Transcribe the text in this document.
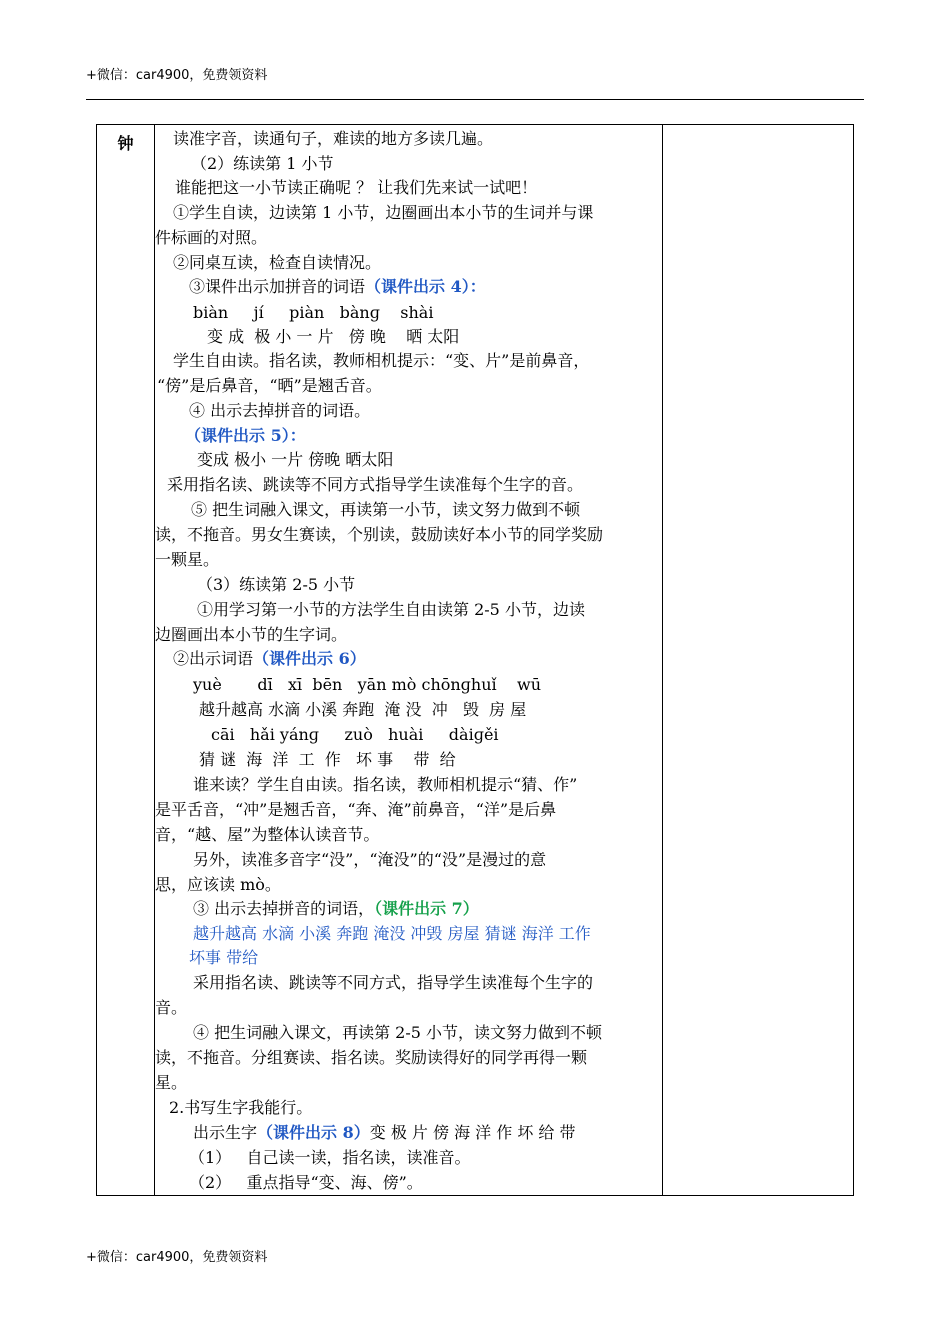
+微信：car4900，免费领资料
钟	读准字音，读通句子，难读的地方多读几遍。
（2）练读第 1 小节
谁能把这一小节读正确呢 ？ 让我们先来试一试吧！
①学生自读，边读第 1 小节，边圈画出本小节的生词并与课
件标画的对照。
②同桌互读，检查自读情况。
③课件出示加拼音的词语（课件出示 4）：
biàn     jí     piàn   bànɡ    shài
变 成  极 小 一 片   傍 晚    晒 太阳
学生自由读。指名读，教师相机提示：“变、片”是前鼻音，
“傍”是后鼻音，“晒”是翘舌音。
④ 出示去掉拼音的词语。
（课件出示 5）：
变成 极小 一片 傍晚 晒太阳
采用指名读、跳读等不同方式指导学生读准每个生字的音。
⑤ 把生词融入课文，再读第一小节，读文努力做到不顿
读，不拖音。男女生赛读，个别读，鼓励读好本小节的同学奖励
一颗星。
（3）练读第 2-5 小节
①用学习第一小节的方法学生自由读第 2-5 小节，边读
边圈画出本小节的生字词。
②出示词语（课件出示 6）
yuè       dī   xī  bēn   yān mò chōnɡhuǐ    wū
越升越高 水滴 小溪 奔跑  淹 没  冲   毁  房 屋
cāi   hǎi yánɡ     zuò   huài     dàiɡěi
猜 谜  海  洋  工  作   坏 事    带  给
谁来读？学生自由读。指名读，教师相机提示“猜、作”
是平舌音，“冲”是翘舌音，“奔、淹”前鼻音，“洋”是后鼻
音，“越、屋”为整体认读音节。
另外，读准多音字“没”，“淹没”的“没”是漫过的意
思，应该读 mò。
③ 出示去掉拼音的词语，（课件出示 7）
越升越高 水滴 小溪 奔跑 淹没 冲毁 房屋 猜谜 海洋 工作
坏事 带给
采用指名读、跳读等不同方式，指导学生读准每个生字的
音。
④ 把生词融入课文，再读第 2-5 小节，读文努力做到不顿
读，不拖音。分组赛读、指名读。奖励读得好的同学再得一颗
星。
2.书写生字我能行。
出示生字（课件出示 8）变 极 片 傍 海 洋 作 坏 给 带
（1）   自己读一读，指名读，读准音。
（2）   重点指导“变、海、傍”。
+微信：car4900，免费领资料
